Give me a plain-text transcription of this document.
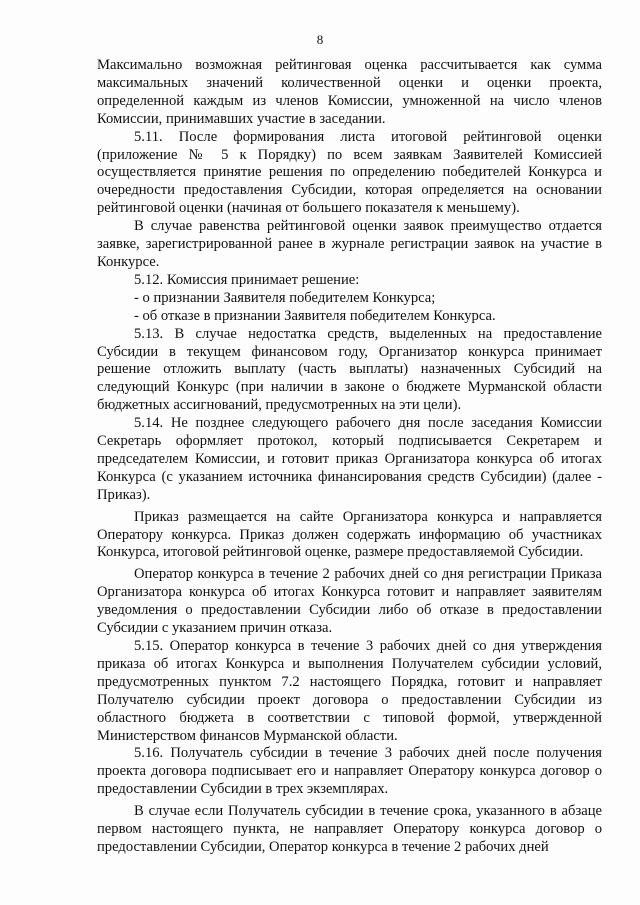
8

Максимально возможная рейтинговая оценка рассчитывается как сумма максимальных значений количественной оценки и оценки проекта, определенной каждым из членов Комиссии, умноженной на число членов Комиссии, принимавших участие в заседании.

5.11. После формирования листа итоговой рейтинговой оценки (приложение № 5 к Порядку) по всем заявкам Заявителей Комиссией осуществляется принятие решения по определению победителей Конкурса и очередности предоставления Субсидии, которая определяется на основании рейтинговой оценки (начиная от большего показателя к меньшему).

В случае равенства рейтинговой оценки заявок преимущество отдается заявке, зарегистрированной ранее в журнале регистрации заявок на участие в Конкурсе.

5.12. Комиссия принимает решение:

- о признании Заявителя победителем Конкурса;

- об отказе в признании Заявителя победителем Конкурса.

5.13. В случае недостатка средств, выделенных на предоставление Субсидии в текущем финансовом году, Организатор конкурса принимает решение отложить выплату (часть выплаты) назначенных Субсидий на следующий Конкурс (при наличии в законе о бюджете Мурманской области бюджетных ассигнований, предусмотренных на эти цели).

5.14. Не позднее следующего рабочего дня после заседания Комиссии Секретарь оформляет протокол, который подписывается Секретарем и председателем Комиссии, и готовит приказ Организатора конкурса об итогах Конкурса (с указанием источника финансирования средств Субсидии) (далее - Приказ).

Приказ размещается на сайте Организатора конкурса и направляется Оператору конкурса. Приказ должен содержать информацию об участниках Конкурса, итоговой рейтинговой оценке, размере предоставляемой Субсидии.

Оператор конкурса в течение 2 рабочих дней со дня регистрации Приказа Организатора конкурса об итогах Конкурса готовит и направляет заявителям уведомления о предоставлении Субсидии либо об отказе в предоставлении Субсидии с указанием причин отказа.

5.15. Оператор конкурса в течение 3 рабочих дней со дня утверждения приказа об итогах Конкурса и выполнения Получателем субсидии условий, предусмотренных пунктом 7.2 настоящего Порядка, готовит и направляет Получателю субсидии проект договора о предоставлении Субсидии из областного бюджета в соответствии с типовой формой, утвержденной Министерством финансов Мурманской области.

5.16. Получатель субсидии в течение 3 рабочих дней после получения проекта договора подписывает его и направляет Оператору конкурса договор о предоставлении Субсидии в трех экземплярах.

В случае если Получатель субсидии в течение срока, указанного в абзаце первом настоящего пункта, не направляет Оператору конкурса договор о предоставлении Субсидии, Оператор конкурса в течение 2 рабочих дней
